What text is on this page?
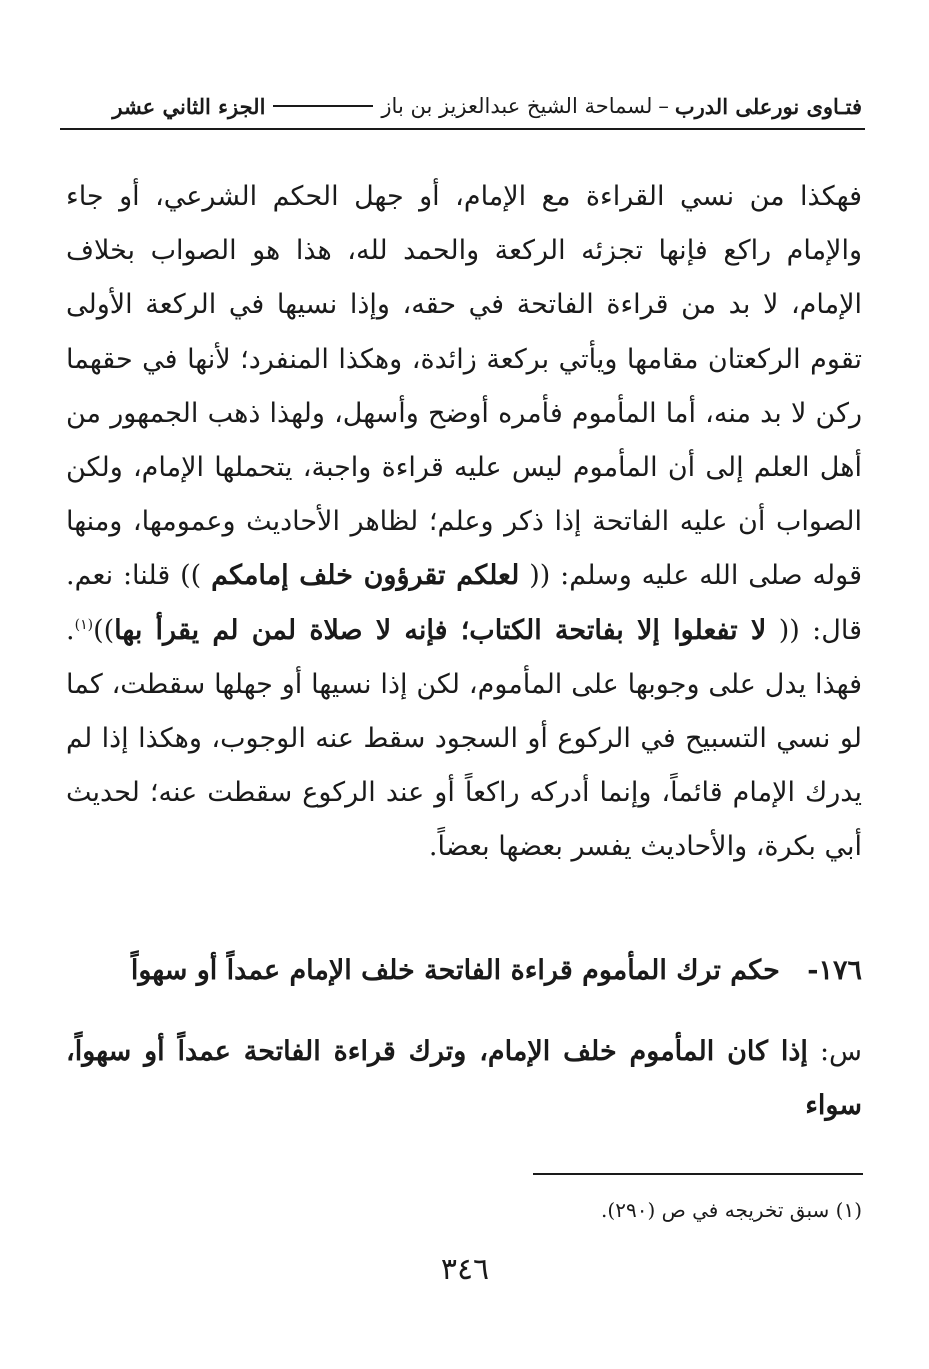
فتـاوى نورعلى الدرب
–
لسماحة الشيخ عبدالعزيز بن باز
الجزء الثاني عشر

فهكذا من نسي القراءة مع الإمام، أو جهل الحكم الشرعي، أو جاء والإمام راكع فإنها تجزئه الركعة والحمد لله، هذا هو الصواب بخلاف الإمام، لا بد من قراءة الفاتحة في حقه، وإذا نسيها في الركعة الأولى تقوم الركعتان مقامها ويأتي بركعة زائدة، وهكذا المنفرد؛ لأنها في حقهما ركن لا بد منه، أما المأموم فأمره أوضح وأسهل، ولهذا ذهب الجمهور من أهل العلم إلى أن المأموم ليس عليه قراءة واجبة، يتحملها الإمام، ولكن الصواب أن عليه الفاتحة إذا ذكر وعلم؛ لظاهر الأحاديث وعمومها، ومنها قوله صلى الله عليه وسلم: (( لعلكم تقرؤون خلف إمامكم )) قلنا: نعم. قال: (( لا تفعلوا إلا بفاتحة الكتاب؛ فإنه لا صلاة لمن لم يقرأ بها))$^{(١)}$. فهذا يدل على وجوبها على المأموم، لكن إذا نسيها أو جهلها سقطت، كما لو نسي التسبيح في الركوع أو السجود سقط عنه الوجوب، وهكذا إذا لم يدرك الإمام قائماً، وإنما أدركه راكعاً أو عند الركوع سقطت عنه؛ لحديث أبي بكرة، والأحاديث يفسر بعضها بعضاً.

١٧٦- حكم ترك المأموم قراءة الفاتحة خلف الإمام عمداً أو سهواً
س: إذا كان المأموم خلف الإمام، وترك قراءة الفاتحة عمداً أو سهواً، سواء
(١) سبق تخريجه في ص (٢٩٠).
٣٤٦
